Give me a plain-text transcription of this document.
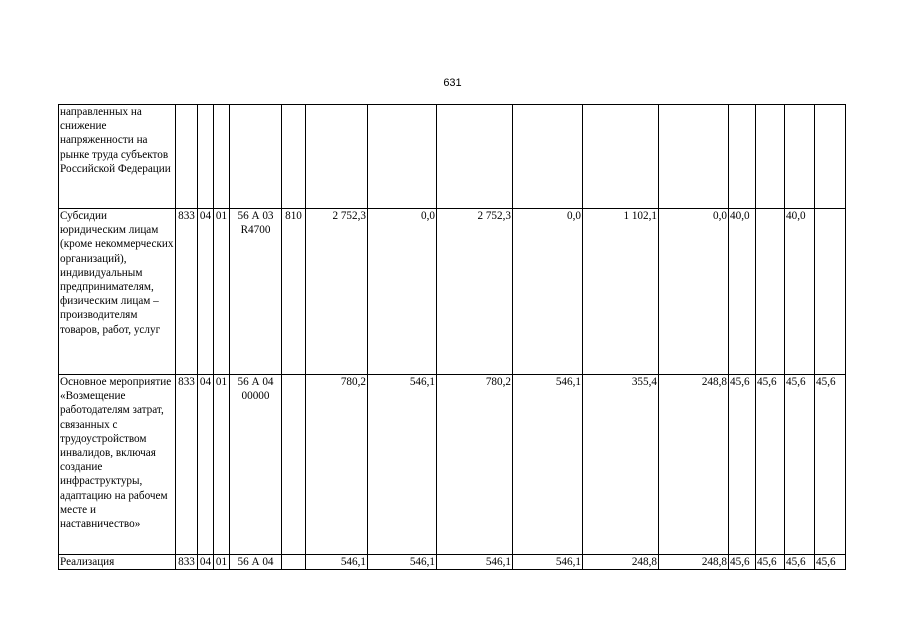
631
направленных на снижение напряженности на рынке труда субъектов Российской Федерации															
Субсидии юридическим лицам (кроме некоммерческих организаций), индивидуальным предпринимателям, физическим лицам – производителям товаров, работ, услуг	833	04	01	56 А 03 R4700	810	2 752,3	0,0	2 752,3	0,0	1 102,1	0,0	40,0		40,0	
Основное мероприятие «Возмещение работодателям затрат, связанных с трудоустройством инвалидов, включая создание инфраструктуры, адаптацию на рабочем месте и наставничество»	833	04	01	56 А 04 00000		780,2	546,1	780,2	546,1	355,4	248,8	45,6	45,6	45,6	45,6
Реализация	833	04	01	56 А 04		546,1	546,1	546,1	546,1	248,8	248,8	45,6	45,6	45,6	45,6
